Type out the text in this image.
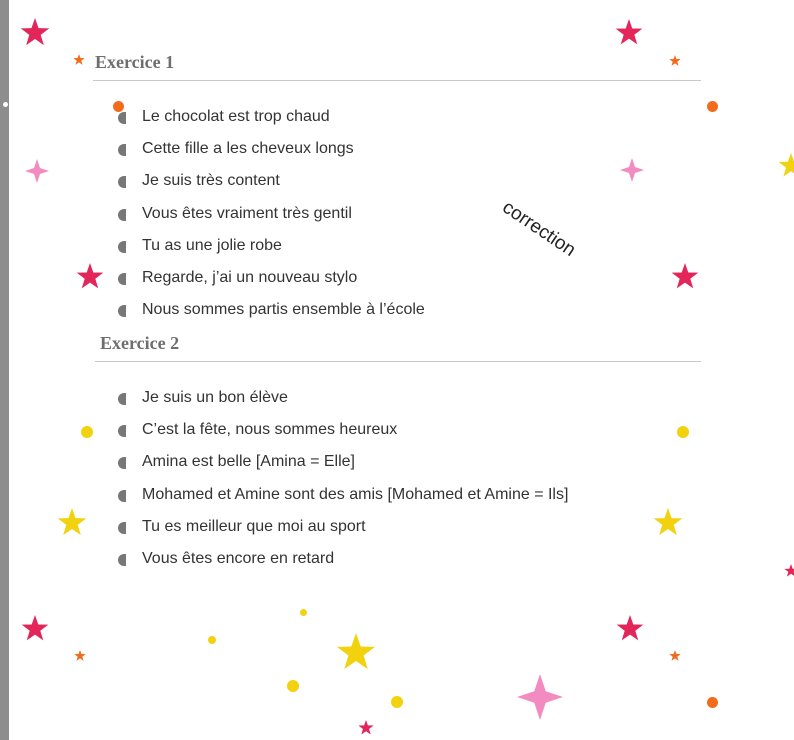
Exercice 1
Le chocolat est trop chaud
Cette fille a les cheveux longs
Je suis très content
Vous êtes vraiment très gentil
Tu as une jolie robe
Regarde, j’ai un nouveau stylo
Nous sommes partis ensemble à l’école
Exercice 2
Je suis un bon élève
C’est la fête, nous sommes heureux
Amina est belle [Amina = Elle]
Mohamed et Amine sont des amis [Mohamed et Amine = Ils]
Tu es meilleur que moi au sport
Vous êtes encore en retard
correction
